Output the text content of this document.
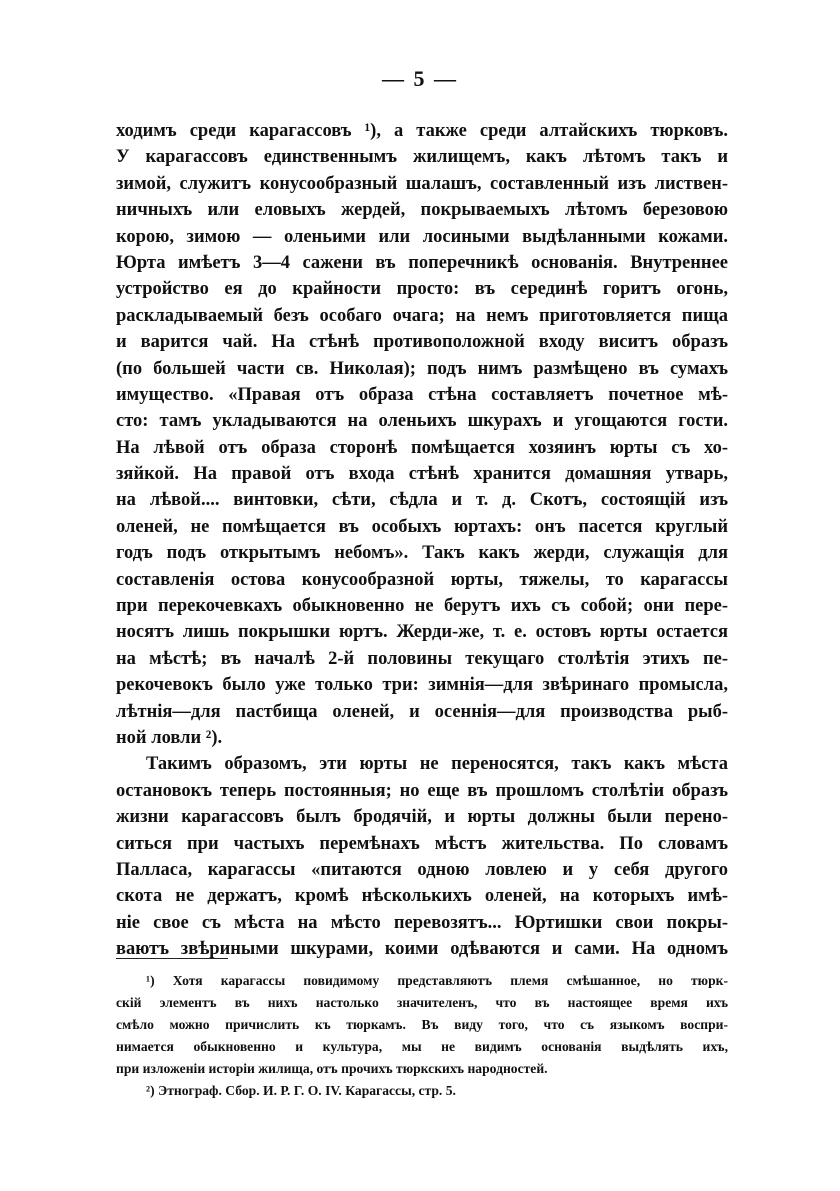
— 5 —
ходимъ среди карагассовъ ¹), а также среди алтайскихъ тюрковъ.
У карагассовъ единственнымъ жилищемъ, какъ лѣтомъ такъ и
зимой, служитъ конусообразный шалашъ, составленный изъ листвен-
ничныхъ или еловыхъ жердей, покрываемыхъ лѣтомъ березовою
корою, зимою — оленьими или лосиными выдѣланными кожами.
Юрта имѣетъ 3—4 сажени въ поперечникѣ основанія. Внутреннее
устройство ея до крайности просто: въ серединѣ горитъ огонь,
раскладываемый безъ особаго очага; на немъ приготовляется пища
и варится чай. На стѣнѣ противоположной входу виситъ образъ
(по большей части св. Николая); подъ нимъ размѣщено въ сумахъ
имущество. «Правая отъ образа стѣна составляетъ почетное мѣ-
сто: тамъ укладываются на оленьихъ шкурахъ и угощаются гости.
На лѣвой отъ образа сторонѣ помѣщается хозяинъ юрты съ хо-
зяйкой. На правой отъ входа стѣнѣ хранится домашняя утварь,
на лѣвой.... винтовки, сѣти, сѣдла и т. д. Скотъ, состоящій изъ
оленей, не помѣщается въ особыхъ юртахъ: онъ пасется круглый
годъ подъ открытымъ небомъ». Такъ какъ жерди, служащія для
составленія остова конусообразной юрты, тяжелы, то карагассы
при перекочевкахъ обыкновенно не берутъ ихъ съ собой; они пере-
носятъ лишь покрышки юртъ. Жерди-же, т. е. остовъ юрты остается
на мѣстѣ; въ началѣ 2-й половины текущаго столѣтія этихъ пе-
рекочевокъ было уже только три: зимнія—для звѣринаго промысла,
лѣтнія—для пастбища оленей, и осеннія—для производства рыб-
ной ловли ²).
Такимъ образомъ, эти юрты не переносятся, такъ какъ мѣста
остановокъ теперь постоянныя; но еще въ прошломъ столѣтіи образъ
жизни карагассовъ былъ бродячій, и юрты должны были перено-
ситься при частыхъ перемѣнахъ мѣстъ жительства. По словамъ
Палласа, карагассы «питаются одною ловлею и у себя другого
скота не держатъ, кромѣ нѣсколькихъ оленей, на которыхъ имѣ-
ніе свое съ мѣста на мѣсто перевозятъ... Юртишки свои покры-
ваютъ звѣриными шкурами, коими одѣваются и сами. На одномъ
¹) Хотя карагассы повидимому представляютъ племя смѣшанное, но тюрк-
скій элементъ въ нихъ настолько значителенъ, что въ настоящее время ихъ
смѣло можно причислить къ тюркамъ. Въ виду того, что съ языкомъ воспри-
нимается обыкновенно и культура, мы не видимъ основанія выдѣлять ихъ,
при изложеніи исторіи жилища, отъ прочихъ тюркскихъ народностей.
²) Этнограф. Сбор. И. Р. Г. О. IV. Карагассы, стр. 5.
